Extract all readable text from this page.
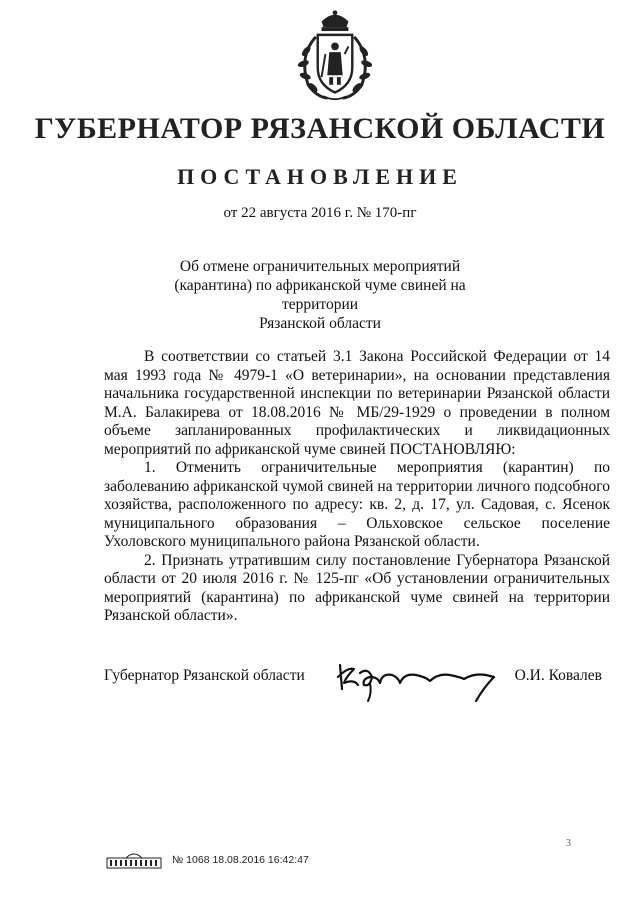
ГУБЕРНАТОР РЯЗАНСКОЙ ОБЛАСТИ
ПОСТАНОВЛЕНИЕ
от 22 августа 2016 г. № 170-пг
Об отмене ограничительных мероприятий
(карантина) по африканской чуме свиней на территории
Рязанской области

В соответствии со статьей 3.1 Закона Российской Федерации от 14 мая 1993 года № 4979-1 «О ветеринарии», на основании представления начальника государственной инспекции по ветеринарии Рязанской области М.А. Балакирева от 18.08.2016 № МБ/29-1929 о проведении в полном объеме запланированных профилактических и ликвидационных мероприятий по африканской чуме свиней ПОСТАНОВЛЯЮ:

1. Отменить ограничительные мероприятия (карантин) по заболеванию африканской чумой свиней на территории личного подсобного хозяйства, расположенного по адресу: кв. 2, д. 17, ул. Садовая, с. Ясенок муниципального образования – Ольховское сельское поселение Ухоловского муниципального района Рязанской области.

2. Признать утратившим силу постановление Губернатора Рязанской области от 20 июля 2016 г. № 125-пг «Об установлении ограничительных мероприятий (карантина) по африканской чуме свиней на территории Рязанской области».

Губернатор Рязанской области	О.И. Ковалев
№ 1068 18.08.2016 16:42:47
3
